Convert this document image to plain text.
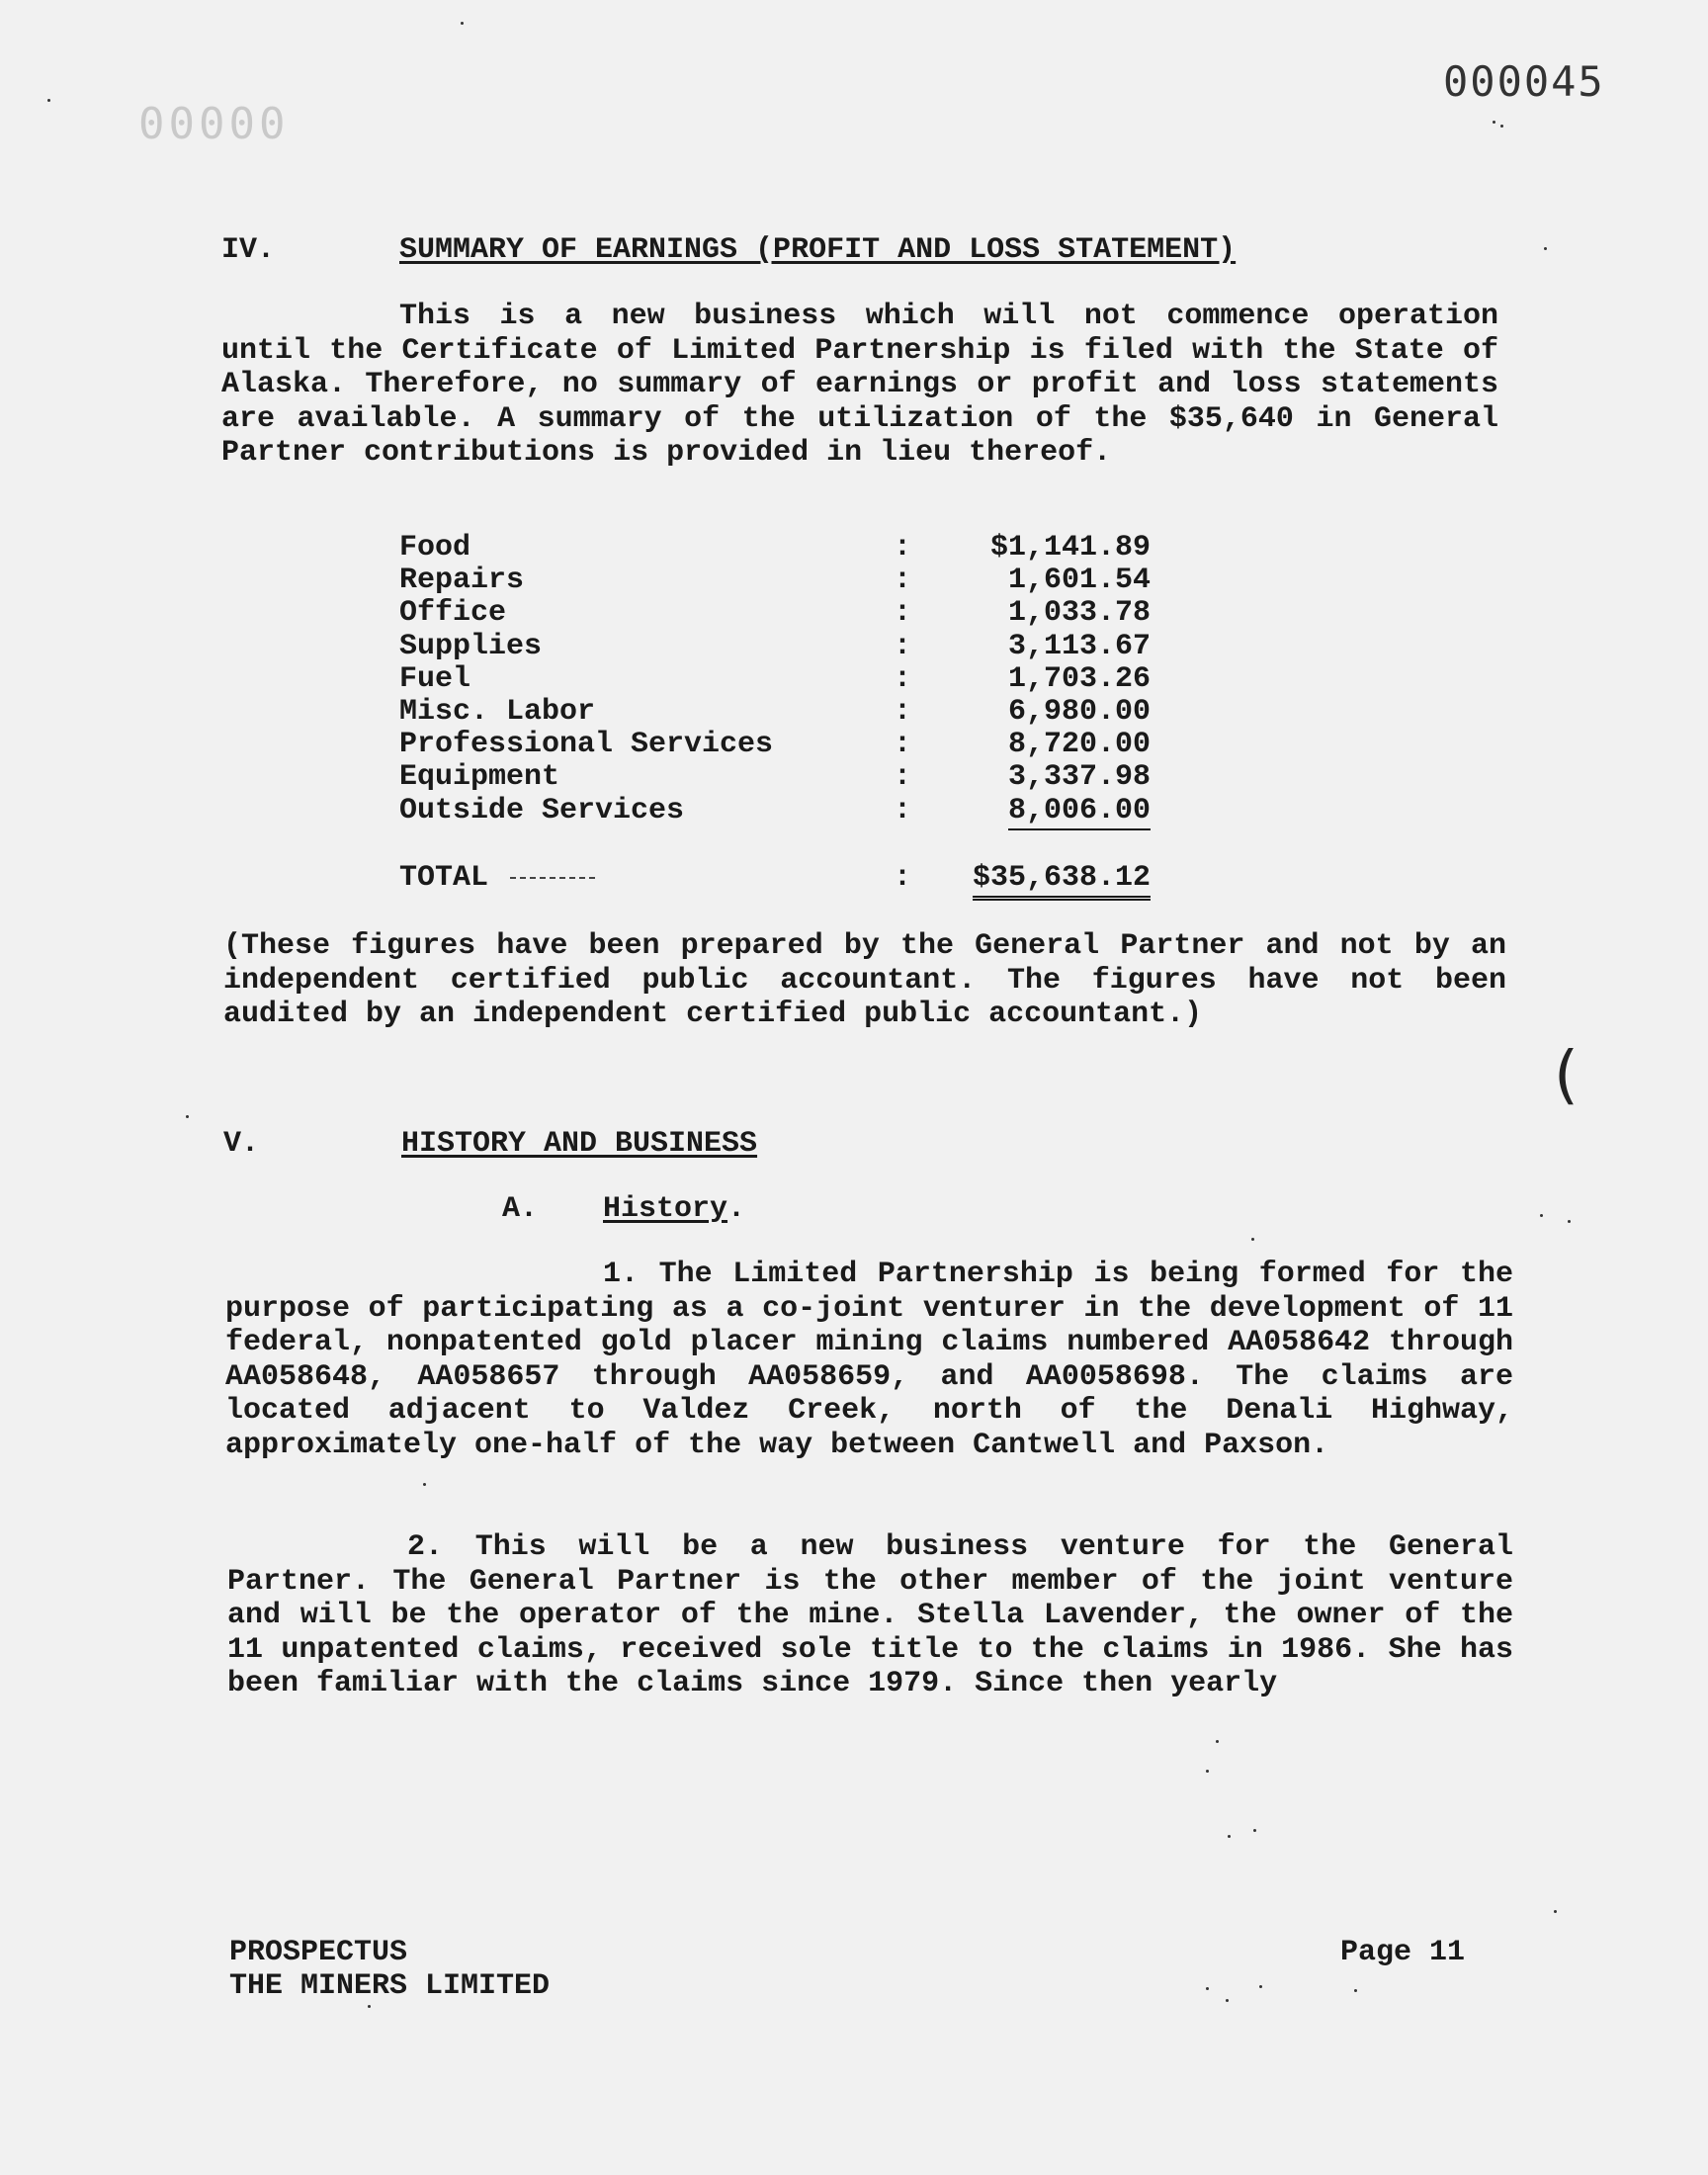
00000
000045
IV.	SUMMARY OF EARNINGS (PROFIT AND LOSS STATEMENT)
This is a new business which will not commence operation until the Certificate of Limited Partnership is filed with the State of Alaska. Therefore, no summary of earnings or profit and loss statements are available. A summary of the utilization of the $35,640 in General Partner contributions is provided in lieu thereof.
Food	:	$1,141.89
Repairs	:	1,601.54
Office	:	1,033.78
Supplies	:	3,113.67
Fuel	:	1,703.26
Misc. Labor	:	6,980.00
Professional Services	:	8,720.00
Equipment	:	3,337.98
Outside Services	:	8,006.00
TOTAL	:	$35,638.12
(These figures have been prepared by the General Partner and not by an independent certified public accountant. The figures have not been audited by an independent certified public accountant.)
V.	HISTORY AND BUSINESS
A. History.
1. The Limited Partnership is being formed for the purpose of participating as a co-joint venturer in the development of 11 federal, nonpatented gold placer mining claims numbered AA058642 through AA058648, AA058657 through AA058659, and AA0058698. The claims are located adjacent to Valdez Creek, north of the Denali Highway, approximately one-half of the way between Cantwell and Paxson.
2. This will be a new business venture for the General Partner. The General Partner is the other member of the joint venture and will be the operator of the mine. Stella Lavender, the owner of the 11 unpatented claims, received sole title to the claims in 1986. She has been familiar with the claims since 1979. Since then yearly
PROSPECTUS
THE MINERS LIMITED
Page 11
(
